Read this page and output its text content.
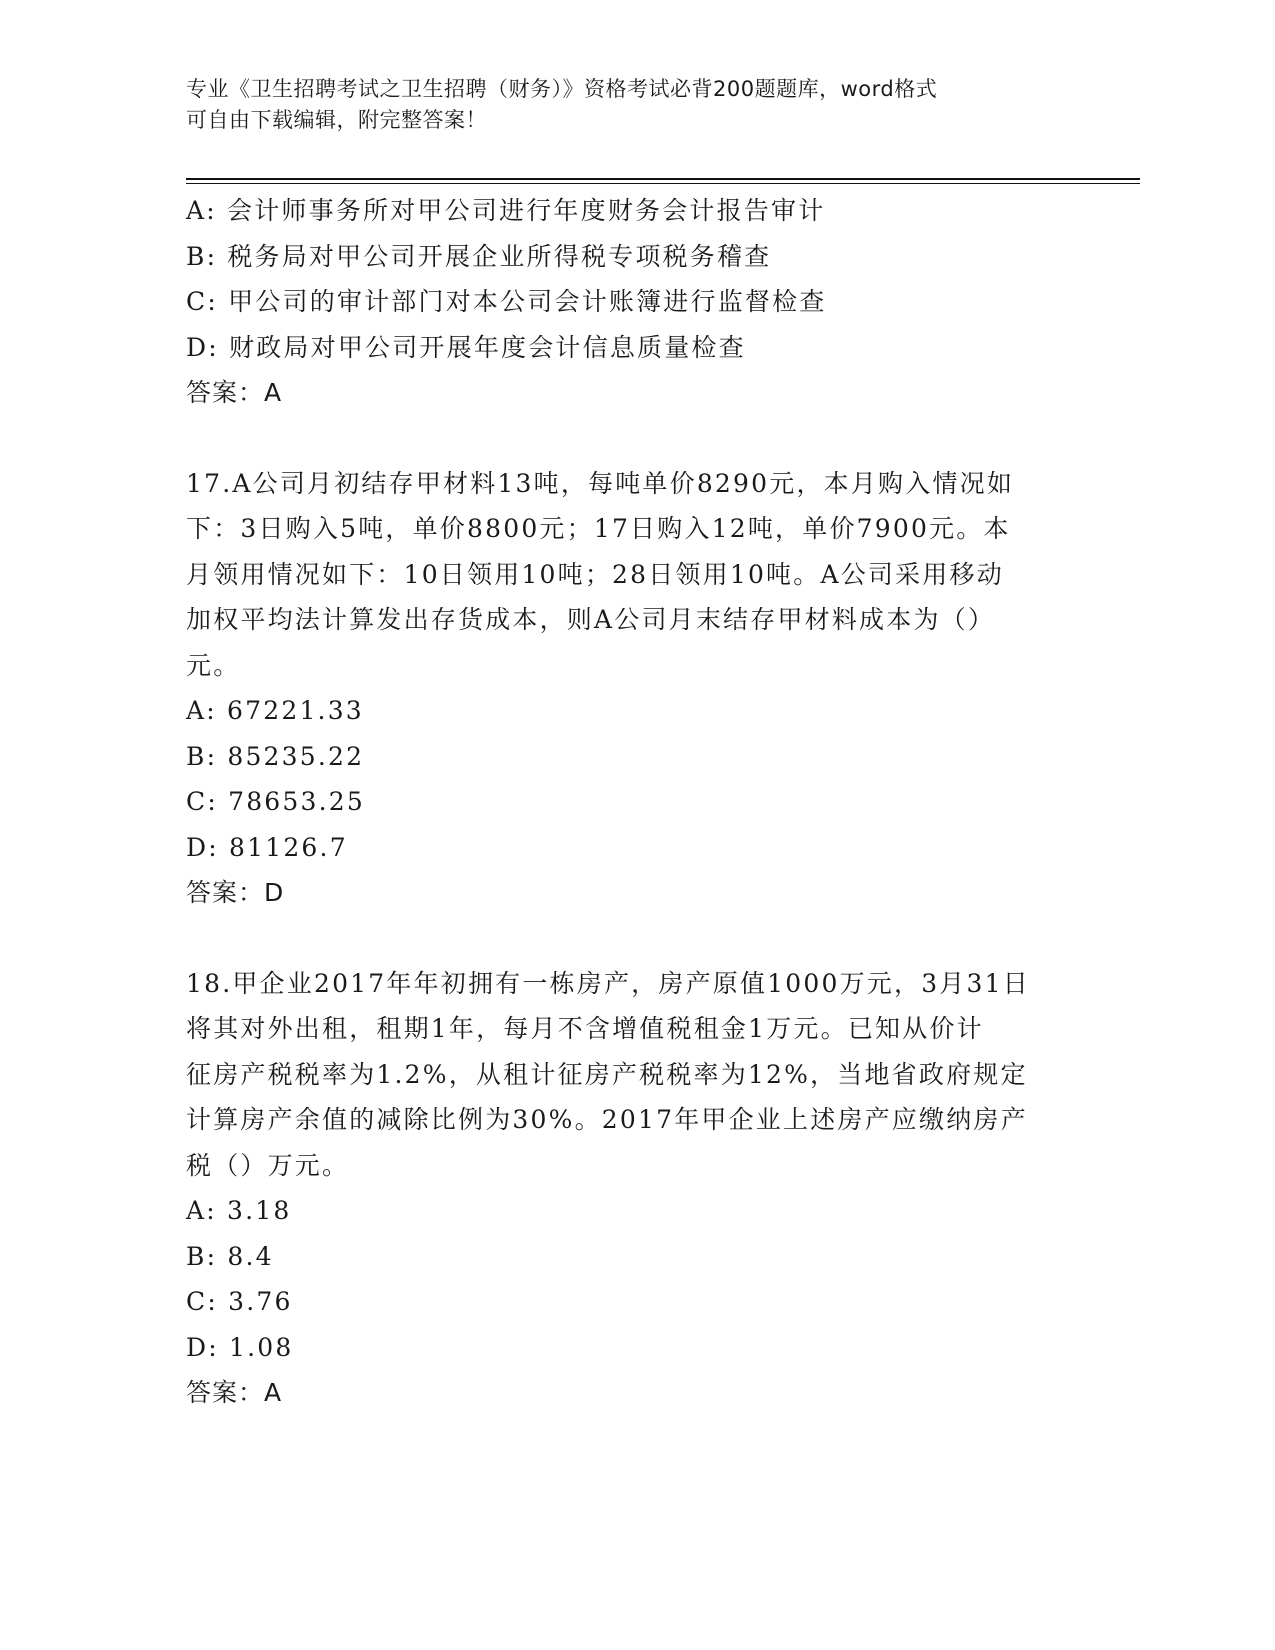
专业《卫生招聘考试之卫生招聘（财务）》资格考试必背200题题库，word格式
可自由下载编辑，附完整答案！
A: 会计师事务所对甲公司进行年度财务会计报告审计
B: 税务局对甲公司开展企业所得税专项税务稽查
C: 甲公司的审计部门对本公司会计账簿进行监督检查
D: 财政局对甲公司开展年度会计信息质量检查
答案：A
17.A公司月初结存甲材料13吨，每吨单价8290元，本月购入情况如
下：3日购入5吨，单价8800元；17日购入12吨，单价7900元。本
月领用情况如下：10日领用10吨；28日领用10吨。A公司采用移动
加权平均法计算发出存货成本，则A公司月末结存甲材料成本为（）
元。
A: 67221.33
B: 85235.22
C: 78653.25
D: 81126.7
答案：D
18.甲企业2017年年初拥有一栋房产，房产原值1000万元，3月31日
将其对外出租，租期1年，每月不含增值税租金1万元。已知从价计
征房产税税率为1.2%，从租计征房产税税率为12%，当地省政府规定
计算房产余值的减除比例为30%。2017年甲企业上述房产应缴纳房产
税（）万元。
A: 3.18
B: 8.4
C: 3.76
D: 1.08
答案：A
